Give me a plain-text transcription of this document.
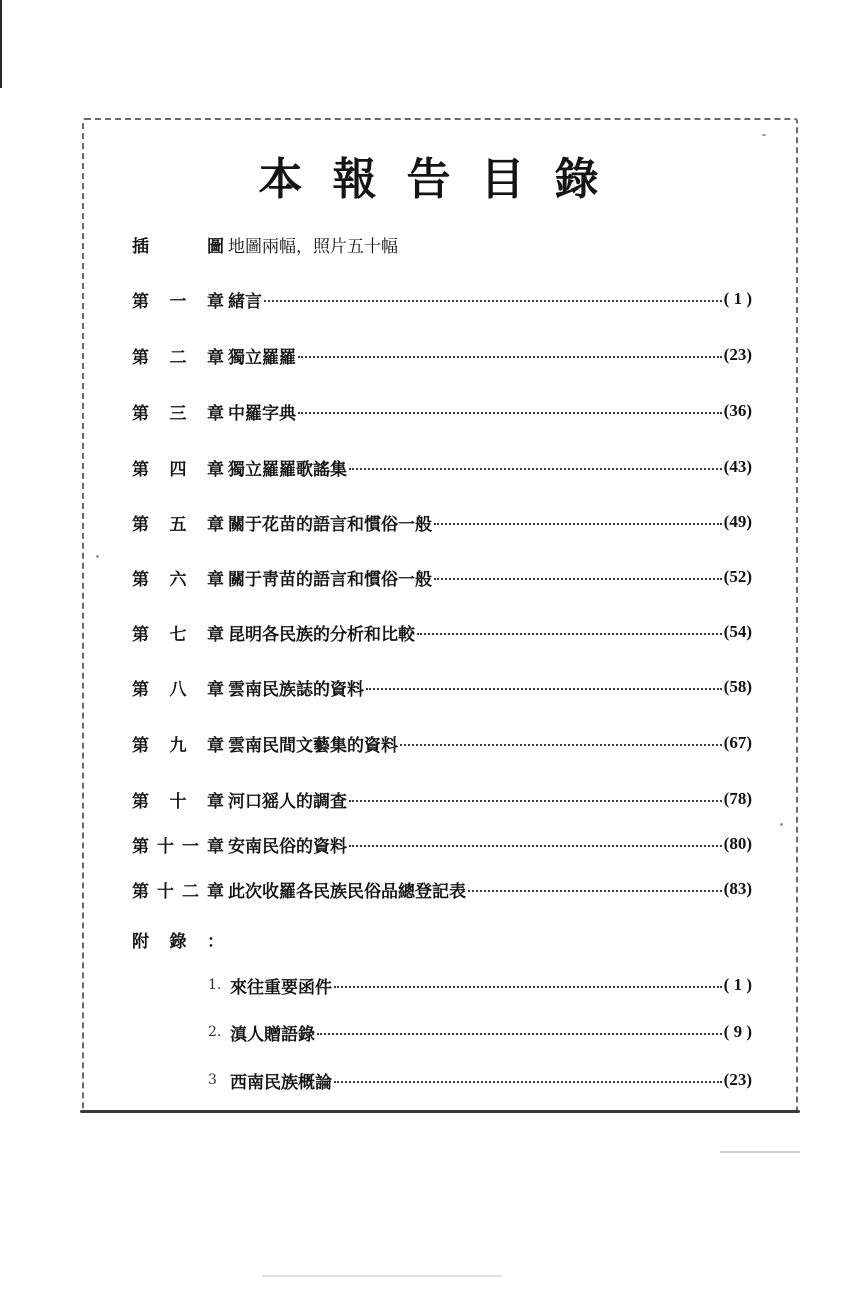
本報告目錄
插	圖 地圖兩幅，照片五十幅
第 一 章 緒言	( 1 )
第 二 章 獨立羅羅	(23)
第 三 章 中羅字典	(36)
第 四 章 獨立羅羅歌謠集	(43)
第 五 章 關于花苗的語言和慣俗一般	(49)
第 六 章 關于靑苗的語言和慣俗一般	(52)
第 七 章 昆明各民族的分析和比較	(54)
第 八 章 雲南民族誌的資料	(58)
第 九 章 雲南民間文藝集的資料	(67)
第 十 章 河口猺人的調査	(78)
第 十 一 章 安南民俗的資料	(80)
第 十 二 章 此次收羅各民族民俗品總登記表	(83)
附 錄 ：
1. 來往重要函件	( 1 )
2. 滇人贈語錄	( 9 )
3 西南民族概論	(23)
